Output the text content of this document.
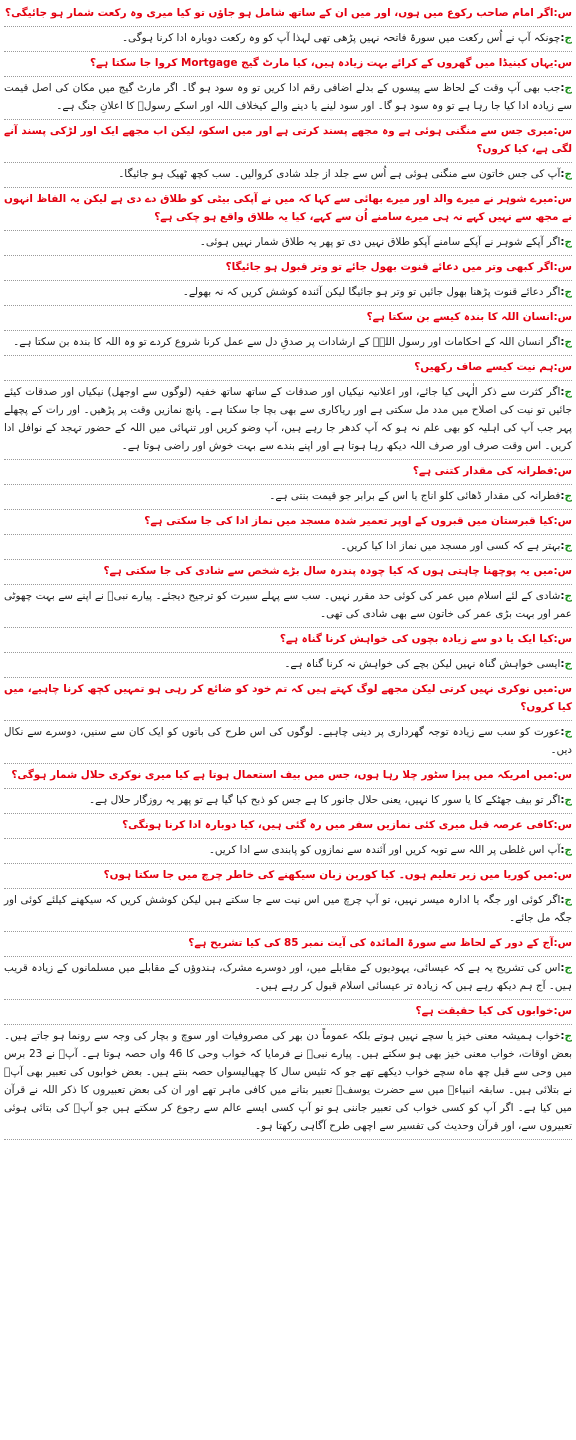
س:اگر امام صاحب رکوع میں ہوں، اور میں ان کے ساتھ شامل ہو جاؤں تو کیا میری وہ رکعت شمار ہو جائیگی؟

ج:چونکہ آپ نے اُس رکعت میں سورۃ فاتحہ نہیں پڑھی تھی لہذا آپ کو وہ رکعت دوبارہ ادا کرنا ہوگی۔

س:یہاں کینیڈا میں گھروں کے کرائے بہت زیادہ ہیں، کیا مارٹ گیج Mortgage کروا جا سکتا ہے؟

ج:جب بھی آپ وقت کے لحاظ سے پیسوں کے بدلے اضافی رقم ادا کریں تو وہ سود ہو گا۔ اگر مارٹ گیج میں مکان کی اصل قیمت سے زیادہ ادا کیا جا رہا ہے تو وہ سود ہو گا۔ اور سود لینے یا دینے والے کیخلاف اللہ اور اسکے رسولؐ کا اعلانِ جنگ ہے۔

س:میری جس سے منگنی ہوئی ہے وہ مجھے پسند کرتی ہے اور میں اسکو، لیکن اب مجھے ایک اور لڑکی پسند آنے لگی ہے، کیا کروں؟

ج:آپ کی جس خاتون سے منگنی ہوئی ہے اُس سے جلد از جلد شادی کروالیں۔ سب کچھ ٹھیک ہو جائیگا۔

س:میرے شوہر نے میرے والد اور میرے بھائی سے کہا کہ میں نے آپکی بیٹی کو طلاق دے دی ہے لیکن یہ الفاظ انہوں نے مجھ سے نہیں کہے نہ ہی میرے سامنے اُن سے کہے، کیا یہ طلاق واقع ہو چکی ہے؟

ج:اگر آپکے شوہر نے آپکے سامنے آپکو طلاق نہیں دی تو پھر یہ طلاق شمار نہیں ہوئی۔

س:اگر کبھی وتر میں دعائے قنوت بھول جائے تو وتر قبول ہو جائیگا؟

ج:اگر دعائے قنوت پڑھنا بھول جائیں تو وتر ہو جائیگا لیکن آئندہ کوشش کریں کہ نہ بھولے۔

س:انسان اللہ کا بندہ کیسے بن سکتا ہے؟

ج:اگر انسان اللہ کے احکامات اور رسول اللہؐ کے ارشادات پر صدقِ دل سے عمل کرنا شروع کردے تو وہ اللہ کا بندہ بن سکتا ہے۔

س:ہم نیت کیسے صاف رکھیں؟

ج:اگر کثرت سے ذکر الٰہی کیا جائے، اور اعلانیہ نیکیاں اور صدقات کے ساتھ ساتھ خفیہ (لوگوں سے اوجھل) نیکیاں اور صدقات کیئے جائیں تو نیت کی اصلاح میں مدد مل سکتی ہے اور ریاکاری سے بھی بچا جا سکتا ہے۔ پانچ نمازیں وقت پر پڑھیں۔ اور رات کے پچھلے پہر جب آپ کی اہلیہ کو بھی علم نہ ہو کہ آپ کدھر جا رہے ہیں، آپ وضو کریں اور تنہائی میں اللہ کے حضور تہجد کے نوافل ادا کریں۔ اس وقت صرف اور صرف اللہ دیکھ رہا ہوتا ہے اور اپنے بندے سے بہت خوش اور راضی ہوتا ہے۔

س:فطرانہ کی مقدار کتنی ہے؟

ج:فطرانہ کی مقدار ڈھائی کلو اناج یا اس کے برابر جو قیمت بنتی ہے۔

س:کیا قبرستان میں قبروں کے اوپر تعمیر شدہ مسجد میں نماز ادا کی جا سکتی ہے؟

ج:بہتر ہے کہ کسی اور مسجد میں نماز ادا کیا کریں۔

س:میں یہ پوچھنا چاہتی ہوں کہ کیا چودہ پندرہ سال بڑے شخص سے شادی کی جا سکتی ہے؟

ج:شادی کے لئے اسلام میں عمر کی کوئی حد مقرر نہیں۔ سب سے پہلے سیرت کو ترجیح دیجئے۔ پیارے نبیؐ نے اپنے سے بہت چھوٹی عمر اور بہت بڑی عمر کی خاتون سے بھی شادی کی تھی۔

س:کیا ایک یا دو سے زیادہ بچوں کی خواہش کرنا گناہ ہے؟

ج:ایسی خواہش گناہ نہیں لیکن بچے کی خواہش نہ کرنا گناہ ہے۔

س:میں نوکری نہیں کرتی لیکن مجھے لوگ کہتے ہیں کہ تم خود کو ضائع کر رہی ہو تمہیں کچھ کرنا چاہیے، میں کیا کروں؟

ج:عورت کو سب سے زیادہ توجہ گھرداری پر دینی چاہیے۔ لوگوں کی اس طرح کی باتوں کو ایک کان سے سنیں، دوسرے سے نکال دیں۔

س:میں امریکہ میں پیزا سٹور چلا رہا ہوں، جس میں بیف استعمال ہوتا ہے کیا میری نوکری حلال شمار ہوگی؟

ج:اگر تو بیف جھٹکے کا یا سور کا نہیں، یعنی حلال جانور کا ہے جس کو ذبح کیا گیا ہے تو پھر یہ روزگار حلال ہے۔

س:کافی عرصہ قبل میری کئی نمازیں سفر میں رہ گئی ہیں، کیا دوبارہ ادا کرنا ہونگی؟

ج:آپ اس غلطی پر اللہ سے توبہ کریں اور آئندہ سے نمازوں کو پابندی سے ادا کریں۔

س:میں کوریا میں زیر تعلیم ہوں۔ کیا کورین زبان سیکھنے کی خاطر چرچ میں جا سکتا ہوں؟

ج:اگر کوئی اور جگہ یا ادارہ میسر نہیں، تو آپ چرچ میں اس نیت سے جا سکتے ہیں لیکن کوشش کریں کہ سیکھنے کیلئے کوئی اور جگہ مل جائے۔

س:آج کے دور کے لحاظ سے سورۃ المائدہ کی آیت نمبر 85 کی کیا تشریح ہے؟

ج:اس کی تشریح یہ ہے کہ عیسائی، یہودیوں کے مقابلے میں، اور دوسرے مشرک، ہندوؤں کے مقابلے میں مسلمانوں کے زیادہ قریب ہیں۔ آج ہم دیکھ رہے ہیں کہ زیادہ تر عیسائی اسلام قبول کر رہے ہیں۔

س:خوابوں کی کیا حقیقت ہے؟

ج:خواب ہمیشہ معنی خیز یا سچے نہیں ہوتے بلکہ عموماً دن بھر کی مصروفیات اور سوچ و بچار کی وجہ سے رونما ہو جاتے ہیں۔ بعض اوقات، خواب معنی خیز بھی ہو سکتے ہیں۔ پیارے نبیؐ نے فرمایا کہ خواب وحی کا 46 واں حصہ ہوتا ہے۔ آپؐ نے 23 برس میں وحی سے قبل چھ ماہ سچے خواب دیکھے تھے جو کہ تئیس سال کا چھیالیسواں حصہ بنتے ہیں۔ بعض خوابوں کی تعبیر بھی آپؐ نے بتلائی ہیں۔ سابقہ انبیاءؑ میں سے حضرت یوسفؑ تعبیر بتانے میں کافی ماہر تھے اور ان کی بعض تعبیروں کا ذکر اللہ نے قرآن میں کیا ہے۔ اگر آپ کو کسی خواب کی تعبیر جاننی ہو تو آپ کسی ایسے عالم سے رجوع کر سکتے ہیں جو آپؐ کی بتائی ہوئی تعبیروں سے، اور قرآن وحدیث کی تفسیر سے اچھی طرح آگاہی رکھتا ہو۔
